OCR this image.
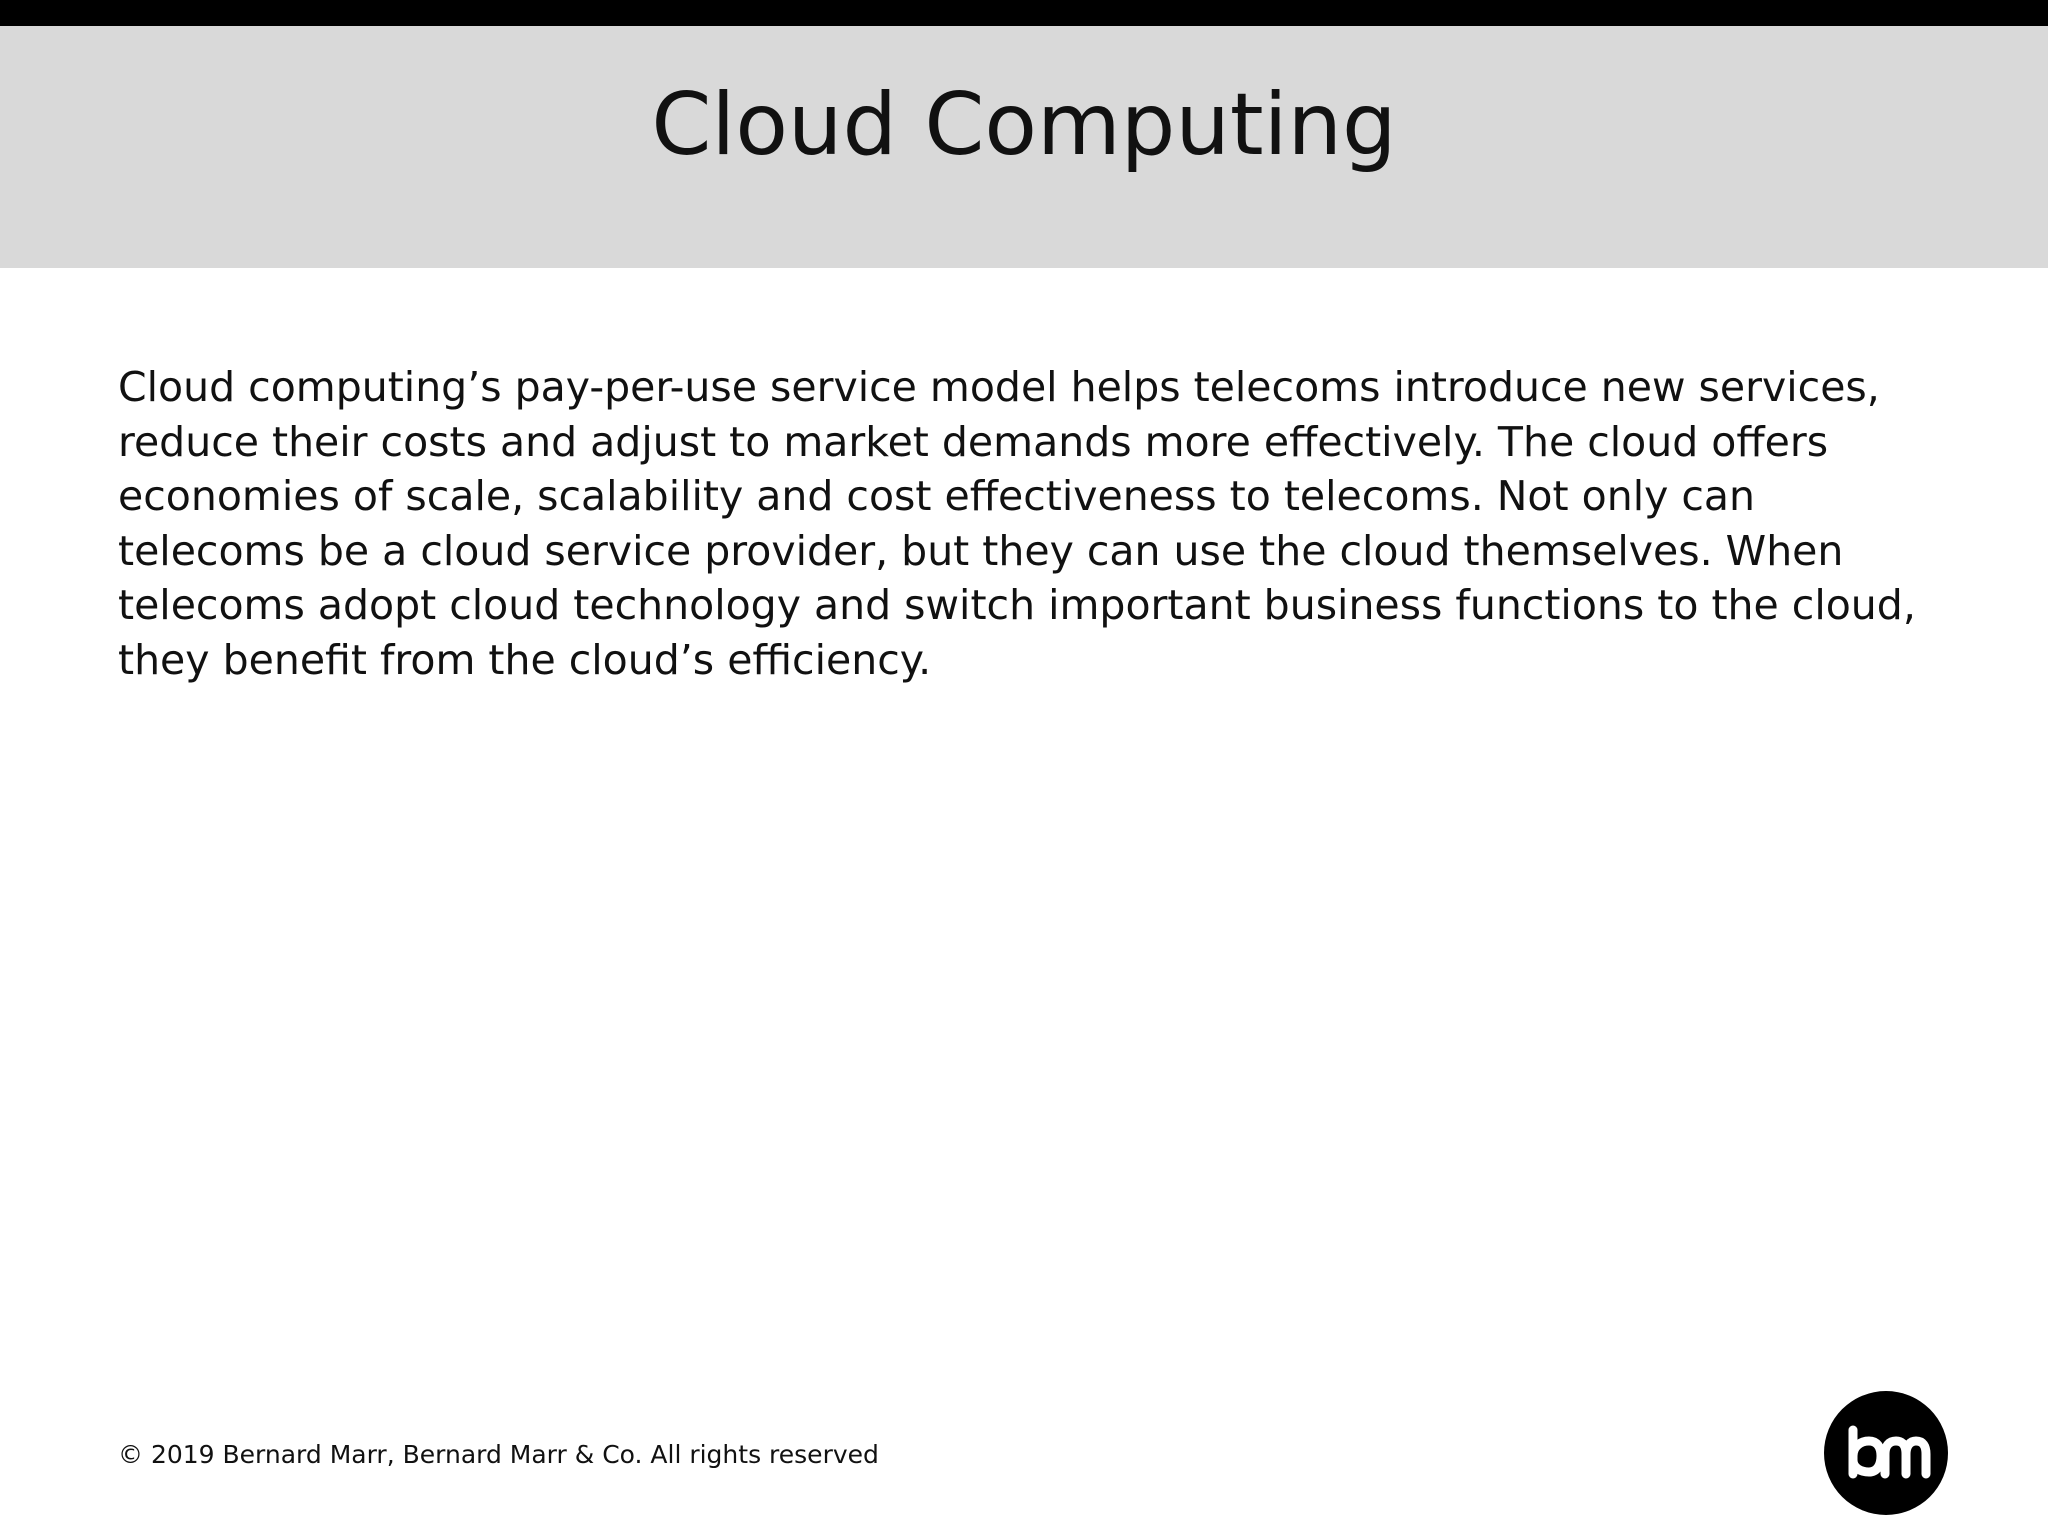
Cloud Computing

Cloud computing’s pay-per-use service model helps telecoms introduce new services, reduce their costs and adjust to market demands more effectively. The cloud offers economies of scale, scalability and cost effectiveness to telecoms. Not only can telecoms be a cloud service provider, but they can use the cloud themselves. When telecoms adopt cloud technology and switch important business functions to the cloud, they benefit from the cloud’s efficiency.

© 2019 Bernard Marr, Bernard Marr & Co. All rights reserved
